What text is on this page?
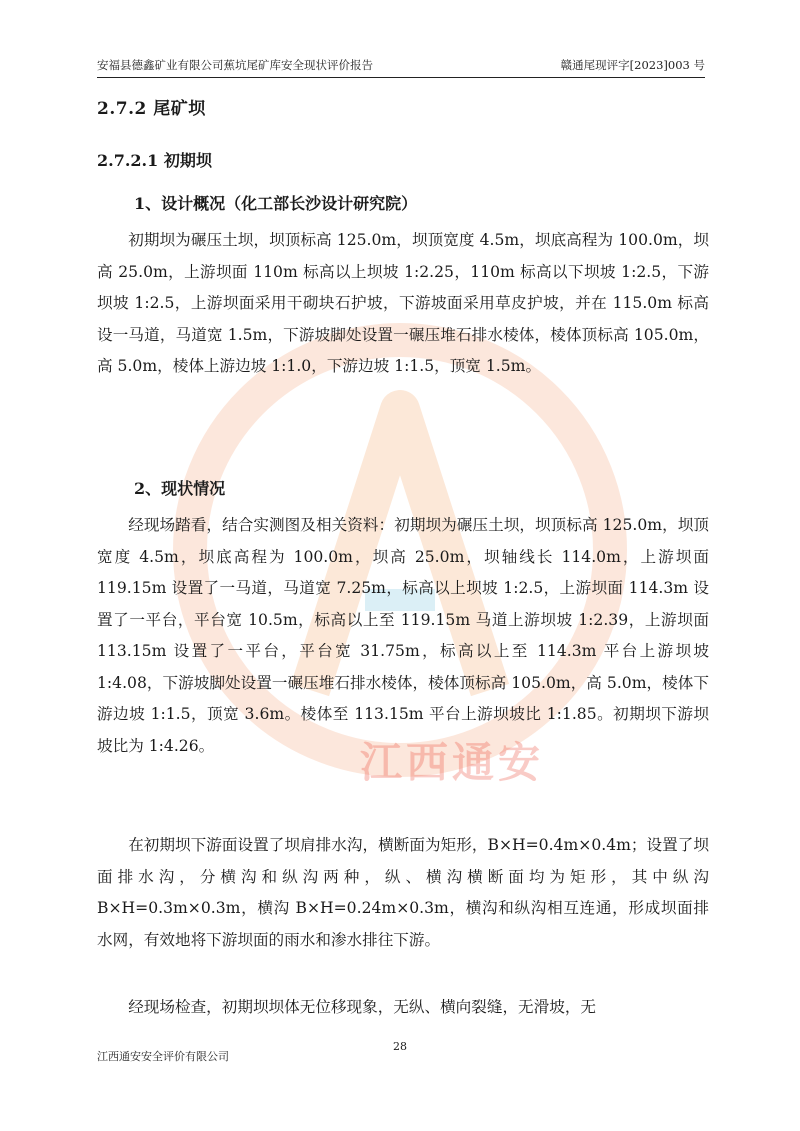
安福县德鑫矿业有限公司蕉坑尾矿库安全现状评价报告	赣通尾现评字[2023]003 号
江西通安
2.7.2 尾矿坝
2.7.2.1 初期坝
1、设计概况（化工部长沙设计研究院）

初期坝为碾压土坝，坝顶标高 125.0m，坝顶宽度 4.5m，坝底高程为 100.0m，坝高 25.0m，上游坝面 110m 标高以上坝坡 1:2.25，110m 标高以下坝坡 1:2.5，下游坝坡 1:2.5，上游坝面采用干砌块石护坡，下游坡面采用草皮护坡，并在 115.0m 标高设一马道，马道宽 1.5m，下游坡脚处设置一碾压堆石排水棱体，棱体顶标高 105.0m，高 5.0m，棱体上游边坡 1:1.0，下游边坡 1:1.5，顶宽 1.5m。

2、现状情况

经现场踏看，结合实测图及相关资料：初期坝为碾压土坝，坝顶标高 125.0m，坝顶宽度 4.5m，坝底高程为 100.0m，坝高 25.0m，坝轴线长 114.0m，上游坝面 119.15m 设置了一马道，马道宽 7.25m，标高以上坝坡 1:2.5，上游坝面 114.3m 设置了一平台，平台宽 10.5m，标高以上至 119.15m 马道上游坝坡 1:2.39，上游坝面 113.15m 设置了一平台，平台宽 31.75m，标高以上至 114.3m 平台上游坝坡 1:4.08，下游坡脚处设置一碾压堆石排水棱体，棱体顶标高 105.0m，高 5.0m，棱体下游边坡 1:1.5，顶宽 3.6m。棱体至 113.15m 平台上游坝坡比 1:1.85。初期坝下游坝坡比为 1:4.26。

在初期坝下游面设置了坝肩排水沟，横断面为矩形，B×H=0.4m×0.4m；设置了坝面排水沟，分横沟和纵沟两种，纵、横沟横断面均为矩形，其中纵沟 B×H=0.3m×0.3m，横沟 B×H=0.24m×0.3m，横沟和纵沟相互连通，形成坝面排水网，有效地将下游坝面的雨水和渗水排往下游。

经现场检查，初期坝坝体无位移现象，无纵、横向裂缝，无滑坡，无

28
江西通安安全评价有限公司
